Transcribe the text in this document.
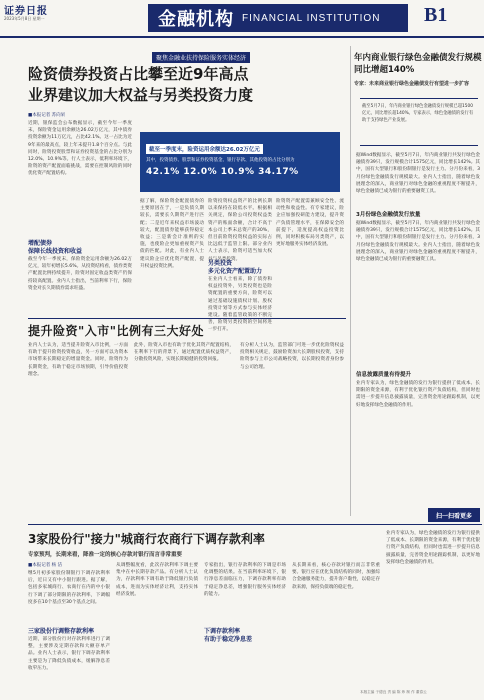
证券日报
2023年5月8日 星期一	金融机构 FINANCIAL INSTITUTION B1
聚焦金融业扶持保险服务实体经济
险资债券投资占比攀至近9年高点
业界建议加大权益与另类投资力度
■本报记者 苏向杲
近期，银保监会公布数据显示，截至今年一季度末，保险资金运用余额达26.02万亿元，其中债券投资余额为11万亿元，占比42.1%。这一占比为近9年来的最高点，较上年末提升1.8个百分点。与此同时，险资投资股票和证券投资基金的占比分别为12.0%、10.9%等。行人士表示，低利率环境下，险资的资产配置面临挑战，需要在控制风险的同时优化资产配置结构。
增配债券
保障长线投资和收益
截至今年一季度末，保险资金运用余额为26.02万亿元，较年初增长5.6%。从投资结构看，债券类资产配置比例持续提升，险资对固定收益类资产仍保持较高配置。业内人士指出，当前利率下行，保险资金对长久期债券需求旺盛。
截至一季度末，险资运用余额达26.02万亿元
其中，投资债券、股票和证券投资基金、银行存款、其他投资的占比分别为
42.1% 12.0% 10.9% 34.17%
据了解，保险资金配置债券的主要原因在于，一是负债久期较长，需要长久期资产进行匹配；二是近年来权益市场波动较大，配置债券能够获得稳定收益；三是新会计准则的实施，也使险企更加重视资产负债的匹配。对此，有业内人士建议险企应优化资产配置，提升权益投资比例。
险资投资权益资产的比例长期以来保持在较低水平。根据相关规定，保险公司投资权益类资产的账面余额，合计不高于本公司上季末总资产的30%，但目前险资投资权益的实际占比远低于监管上限。部分业内人士表示，险资可适当加大权益与另类投资。
另类投资
多元化资产配置助力
在业内人士看来，除了债券和权益投资外，另类投资也是险资配置的重要方向，险资可以通过基础设施债权计划、股权投资计划等方式参与实体经济建设。随着监管政策的不断完善，险资另类投资的空间将进一步打开。
险资资产配置需兼顾安全性、流动性和收益性。有专家建议，险企应加强投研能力建设，提升资产负债管理水平，在保障安全的前提下，适度提高权益投资比例，同时积极布局另类资产，以更好地服务实体经济发展。
年内商业银行绿色金融债发行规模同比增超140%
专家：未来商业银行绿色金融债发行有望进一步扩容
截至5月7日，年内商业银行绿色金融债发行规模已超1500亿元，同比增长超140%。专家表示，绿色金融债的发行有助于支持绿色产业发展。
据Wind数据显示，截至5月7日，年内商业银行共发行绿色金融债券39只，发行规模合计1575亿元，同比增长142%。其中，国有大型银行和股份制银行是发行主力。分月份来看，3月份绿色金融债发行规模最大。业内人士指出，随着绿色发展理念的深入，商业银行对绿色金融的重视程度不断提升，绿色金融债已成为银行的重要融资工具。
3月份绿色金融债发行放量
据Wind数据显示，截至5月7日，年内商业银行共发行绿色金融债券39只，发行规模合计1575亿元，同比增长142%。其中，国有大型银行和股份制银行是发行主力。分月份来看，3月份绿色金融债发行规模最大。业内人士指出，随着绿色发展理念的深入，商业银行对绿色金融的重视程度不断提升，绿色金融债已成为银行的重要融资工具。
信息披露质量有待提升
业内专家认为，绿色金融债的发行为银行提供了低成本、长期限的资金来源，有利于优化银行资产负债结构，但同时也需进一步提升信息披露质量，完善资金用途跟踪机制，以更好地发挥绿色金融债的作用。
提升险资"入市"比例有三大好处
业内人士认为，适当提升险资入市比例，一方面有助于提升险资投资收益，另一方面可以为资本市场带来长期稳定的增量资金。同时，险资作为长期资金，有助于稳定市场预期，引导价值投资理念。
此外，险资入市也有助于优化其资产配置结构，在利率下行的背景下，通过配置优质权益资产，分散投资风险，实现长期稳健的投资回报。
有分析人士认为，监管部门可进一步优化险资权益投资相关规定，鼓励险资加大长期股权投资，支持险资参与上市公司战略投资，以长期投资者身份参与公司治理。
扫一扫看更多
3家股份行"接力"城商行农商行下调存款利率
专家预判，长期来看，降准一定的核心存款对银行而言非常重要
■本报记者 杨 洁
继5月初多家股份制银行下调存款利率后，近日又有中小银行跟进。据了解，包括多家城商行、农商行在内的中小银行下调了部分期限的存款利率，下调幅度多在10个基点至30个基点之间。
三家股份行调整存款利率
近期，部分股份行对存款利率进行了调整，主要涉及定期存款和大额存单产品。业内人士表示，银行下调存款利率主要是为了降低负债成本，缓解净息差收窄压力。
从调整幅度看，此次存款利率下调主要集中在中长期存款产品。有分析人士认为，存款利率下调有助于降低银行负债成本，进而为实体经济让利，支持实体经济发展。
下调存款利率
有助于稳定净息差
专家指出，银行存款利率的下调是市场化调整的结果。在当前利率环境下，银行净息差面临压力，下调存款利率有助于稳定净息差，增强银行服务实体经济的能力。
从长期来看，核心存款对银行而言非常重要。银行应在优化负债结构的同时，加强综合金融服务能力，提升客户黏性，以稳定存款来源，保持负债端的稳定性。
业内专家认为，绿色金融债的发行为银行提供了低成本、长期限的资金来源，有利于优化银行资产负债结构，但同时也需进一步提升信息披露质量，完善资金用途跟踪机制，以更好地发挥绿色金融债的作用。
本版主编 于德良 责 编 陈 炜 制 作 董春云
